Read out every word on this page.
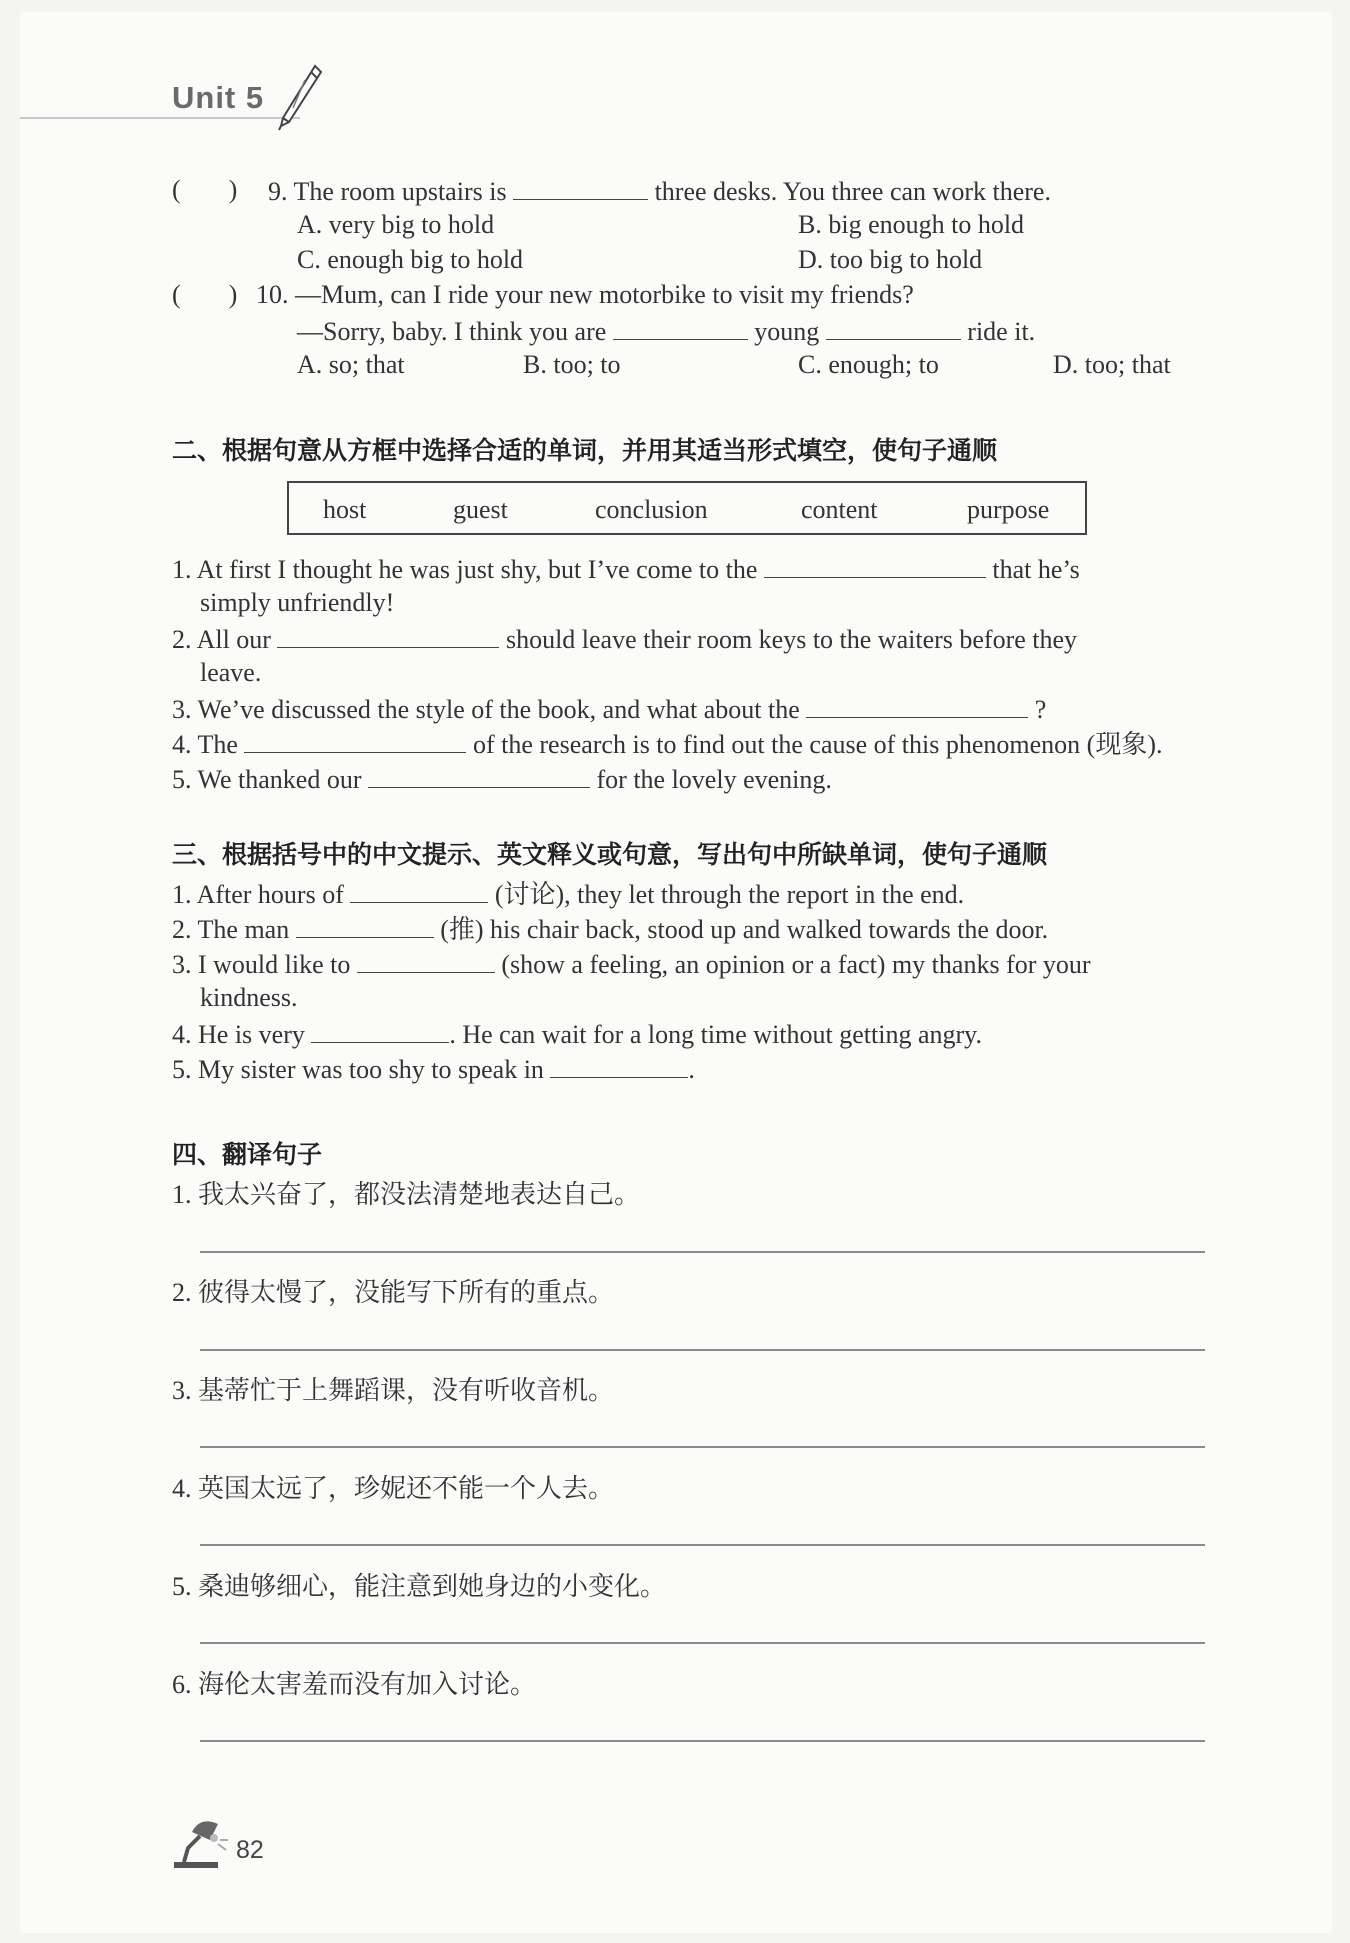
Unit 5
( ) 9. The room upstairs is	three desks. You three can work there.
A. very big to hold	B. big enough to hold
C. enough big to hold	D. too big to hold
( ) 10. —Mum, can I ride your new motorbike to visit my friends?
—Sorry, baby. I think you are	young	ride it.
A. so; that	B. too; to	C. enough; to	D. too; that
二、根据句意从方框中选择合适的单词，并用其适当形式填空，使句子通顺
host	guest	conclusion	content	purpose
1. At first I thought he was just shy, but I’ve come to the	that he’s
simply unfriendly!
2. All our	should leave their room keys to the waiters before they
leave.
3. We’ve discussed the style of the book, and what about the	?
4. The	of the research is to find out the cause of this phenomenon (现象).
5. We thanked our	for the lovely evening.
三、根据括号中的中文提示、英文释义或句意，写出句中所缺单词，使句子通顺
1. After hours of	(讨论), they let through the report in the end.
2. The man	(推) his chair back, stood up and walked towards the door.
3. I would like to	(show a feeling, an opinion or a fact) my thanks for your
kindness.
4. He is very	. He can wait for a long time without getting angry.
5. My sister was too shy to speak in	.
四、翻译句子
1. 我太兴奋了，都没法清楚地表达自己。
2. 彼得太慢了，没能写下所有的重点。
3. 基蒂忙于上舞蹈课，没有听收音机。
4. 英国太远了，珍妮还不能一个人去。
5. 桑迪够细心，能注意到她身边的小变化。
6. 海伦太害羞而没有加入讨论。
82
